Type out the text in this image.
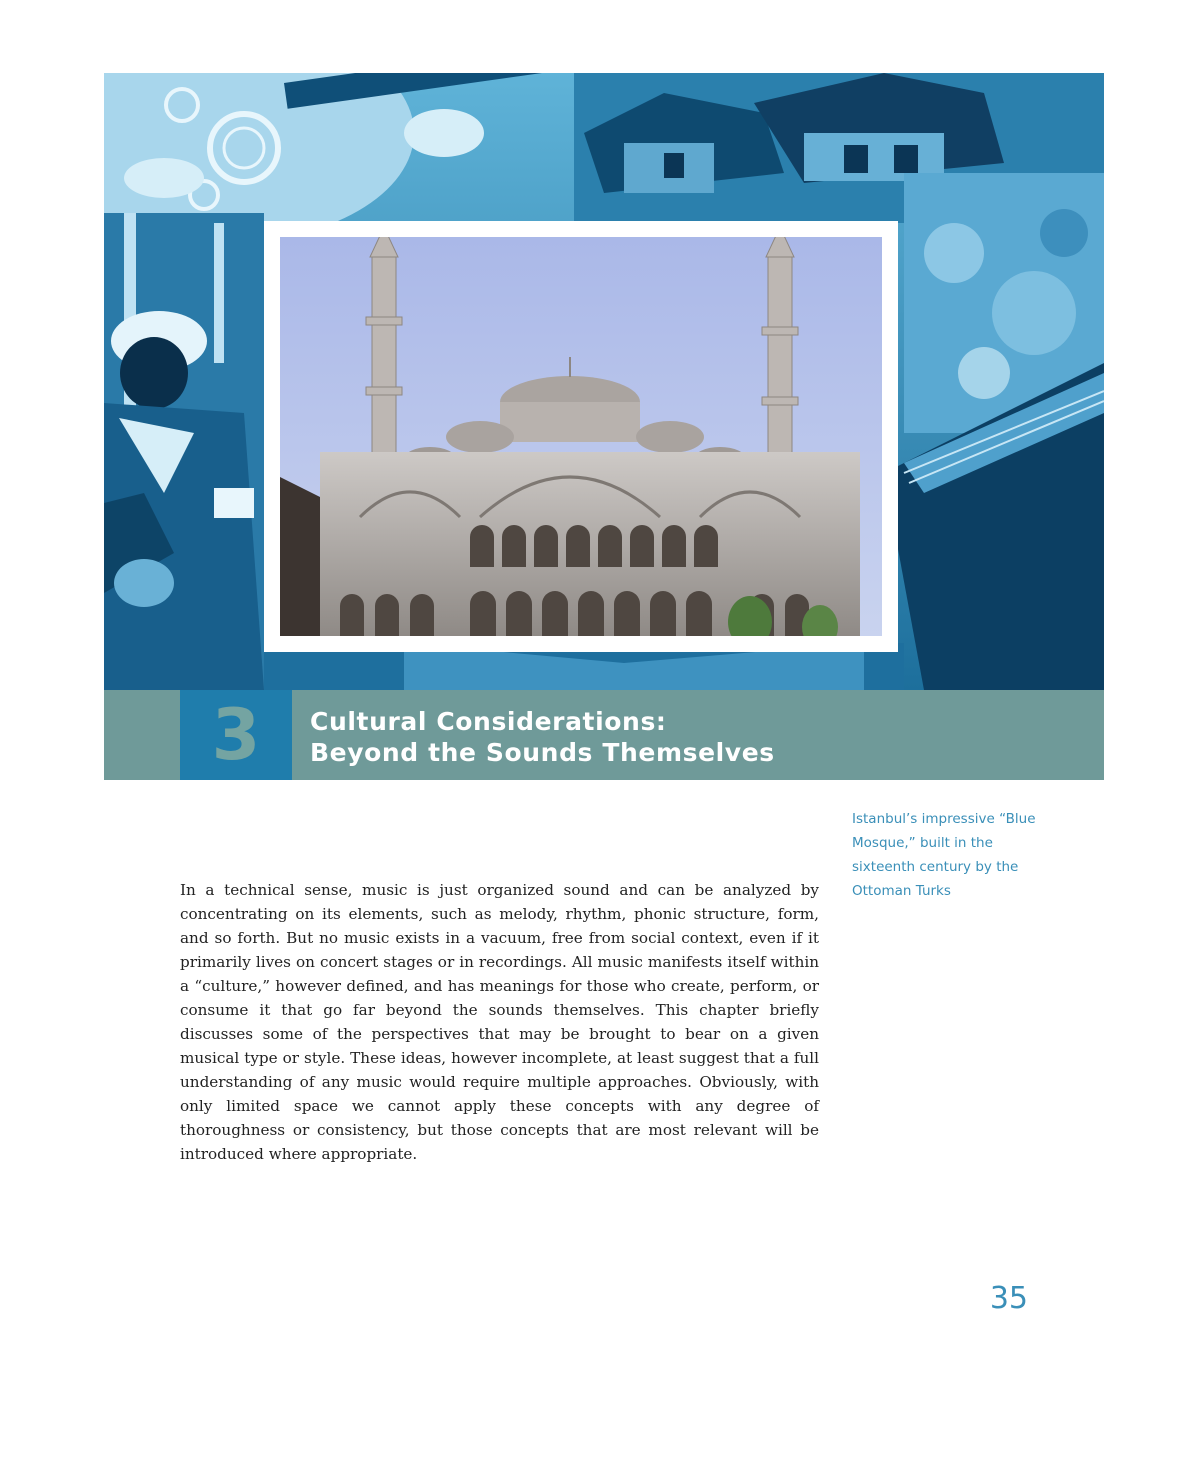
3	Cultural Considerations:
Beyond the Sounds Themselves
Istanbul’s impressive “Blue Mosque,” built in the sixteenth century by the Ottoman Turks

In a technical sense, music is just organized sound and can be analyzed by concentrating on its elements, such as melody, rhythm, phonic structure, form, and so forth. But no music exists in a vacuum, free from social context, even if it primarily lives on concert stages or in recordings. All music manifests itself within a “culture,” however defined, and has meanings for those who create, perform, or consume it that go far beyond the sounds themselves. This chapter briefly discusses some of the perspectives that may be brought to bear on a given musical type or style. These ideas, however incomplete, at least suggest that a full understanding of any music would require multiple approaches. Obviously, with only limited space we cannot apply these concepts with any degree of thoroughness or consistency, but those concepts that are most relevant will be introduced where appropriate.

35
